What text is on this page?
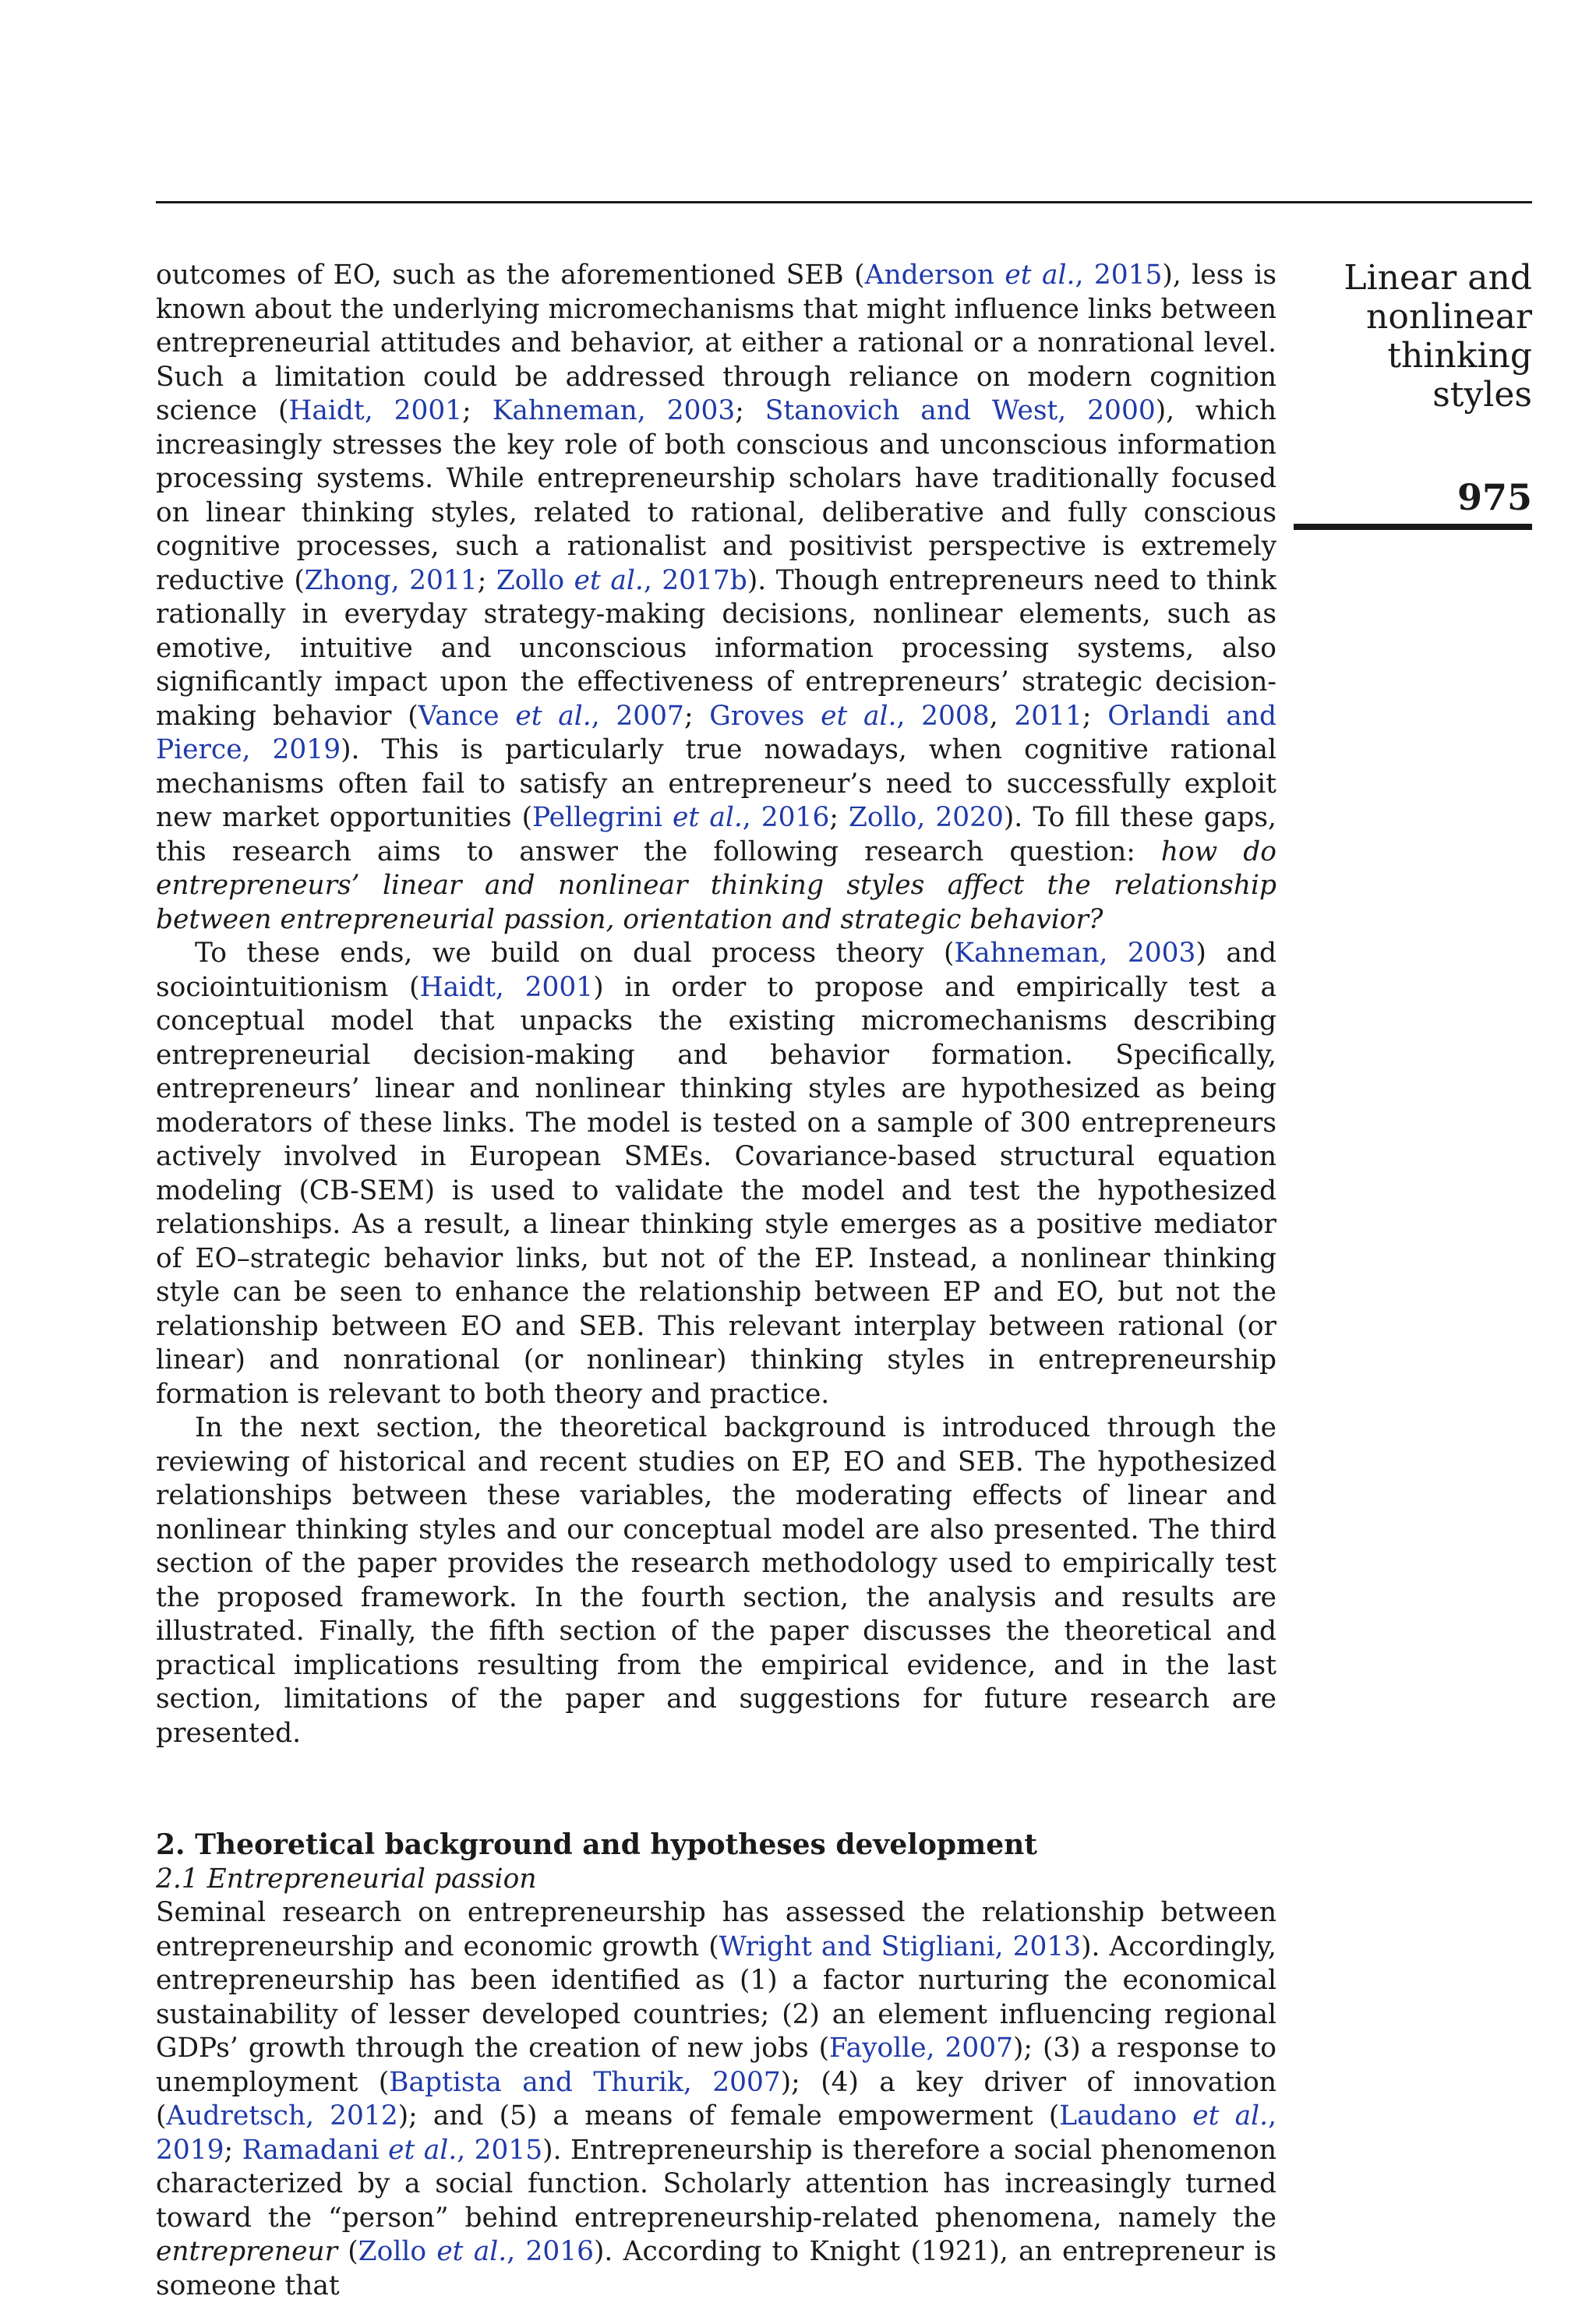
Linear and
nonlinear
thinking styles
975

outcomes of EO, such as the aforementioned SEB (Anderson et al., 2015), less is known about the underlying micromechanisms that might influence links between entrepreneurial attitudes and behavior, at either a rational or a nonrational level. Such a limitation could be addressed through reliance on modern cognition science (Haidt, 2001; Kahneman, 2003; Stanovich and West, 2000), which increasingly stresses the key role of both conscious and unconscious information processing systems. While entrepreneurship scholars have traditionally focused on linear thinking styles, related to rational, deliberative and fully conscious cognitive processes, such a rationalist and positivist perspective is extremely reductive (Zhong, 2011; Zollo et al., 2017b). Though entrepreneurs need to think rationally in everyday strategy-making decisions, nonlinear elements, such as emotive, intuitive and unconscious information processing systems, also significantly impact upon the effectiveness of entrepreneurs’ strategic decision-making behavior (Vance et al., 2007; Groves et al., 2008, 2011; Orlandi and Pierce, 2019). This is particularly true nowadays, when cognitive rational mechanisms often fail to satisfy an entrepreneur’s need to successfully exploit new market opportunities (Pellegrini et al., 2016; Zollo, 2020). To fill these gaps, this research aims to answer the following research question: how do entrepreneurs’ linear and nonlinear thinking styles affect the relationship between entrepreneurial passion, orientation and strategic behavior?

To these ends, we build on dual process theory (Kahneman, 2003) and sociointuitionism (Haidt, 2001) in order to propose and empirically test a conceptual model that unpacks the existing micromechanisms describing entrepreneurial decision-making and behavior formation. Specifically, entrepreneurs’ linear and nonlinear thinking styles are hypothesized as being moderators of these links. The model is tested on a sample of 300 entrepreneurs actively involved in European SMEs. Covariance-based structural equation modeling (CB-SEM) is used to validate the model and test the hypothesized relationships. As a result, a linear thinking style emerges as a positive mediator of EO–strategic behavior links, but not of the EP. Instead, a nonlinear thinking style can be seen to enhance the relationship between EP and EO, but not the relationship between EO and SEB. This relevant interplay between rational (or linear) and nonrational (or nonlinear) thinking styles in entrepreneurship formation is relevant to both theory and practice.

In the next section, the theoretical background is introduced through the reviewing of historical and recent studies on EP, EO and SEB. The hypothesized relationships between these variables, the moderating effects of linear and nonlinear thinking styles and our conceptual model are also presented. The third section of the paper provides the research methodology used to empirically test the proposed framework. In the fourth section, the analysis and results are illustrated. Finally, the fifth section of the paper discusses the theoretical and practical implications resulting from the empirical evidence, and in the last section, limitations of the paper and suggestions for future research are presented.

2. Theoretical background and hypotheses development

2.1 Entrepreneurial passion

Seminal research on entrepreneurship has assessed the relationship between entrepreneurship and economic growth (Wright and Stigliani, 2013). Accordingly, entrepreneurship has been identified as (1) a factor nurturing the economical sustainability of lesser developed countries; (2) an element influencing regional GDPs’ growth through the creation of new jobs (Fayolle, 2007); (3) a response to unemployment (Baptista and Thurik, 2007); (4) a key driver of innovation (Audretsch, 2012); and (5) a means of female empowerment (Laudano et al., 2019; Ramadani et al., 2015). Entrepreneurship is therefore a social phenomenon characterized by a social function. Scholarly attention has increasingly turned toward the “person” behind entrepreneurship-related phenomena, namely the entrepreneur (Zollo et al., 2016). According to Knight (1921), an entrepreneur is someone that
